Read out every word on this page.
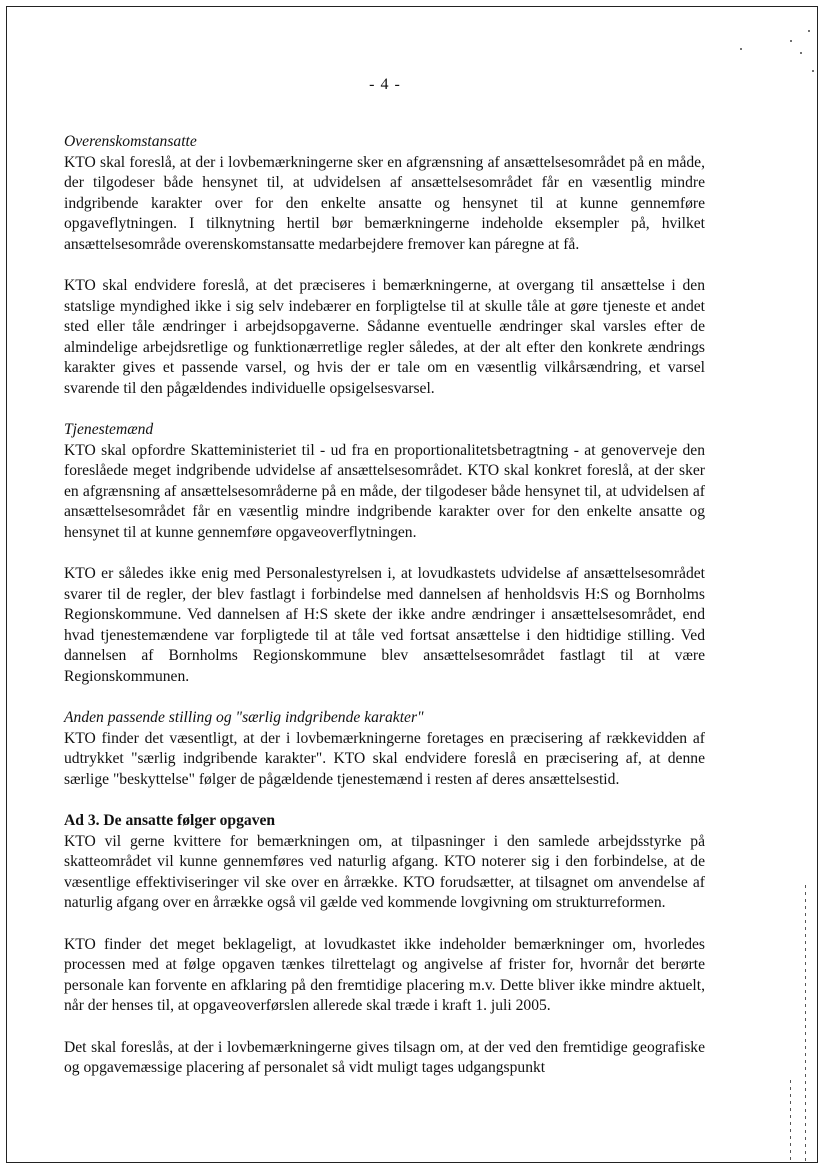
- 4 -
Overenskomstansatte
KTO skal foreslå, at der i lovbemærkningerne sker en afgrænsning af ansættelsesområdet på en måde, der tilgodeser både hensynet til, at udvidelsen af ansættelsesområdet får en væsentlig mindre indgribende karakter over for den enkelte ansatte og hensynet til at kunne gennemføre opgaveflytningen. I tilknytning hertil bør bemærkningerne indeholde eksempler på, hvilket ansættelsesområde overenskomstansatte medarbejdere fremover kan páregne at få.
KTO skal endvidere foreslå, at det præciseres i bemærkningerne, at overgang til ansættelse i den statslige myndighed ikke i sig selv indebærer en forpligtelse til at skulle tåle at gøre tjeneste et andet sted eller tåle ændringer i arbejdsopgaverne. Sådanne eventuelle ændringer skal varsles efter de almindelige arbejdsretlige og funktionærretlige regler således, at der alt efter den konkrete ændrings karakter gives et passende varsel, og hvis der er tale om en væsentlig vilkårsændring, et varsel svarende til den pågældendes individuelle opsigelsesvarsel.
Tjenestemænd
KTO skal opfordre Skatteministeriet til - ud fra en proportionalitetsbetragtning - at genoverveje den foreslåede meget indgribende udvidelse af ansættelsesområdet. KTO skal konkret foreslå, at der sker en afgrænsning af ansættelsesområderne på en måde, der tilgodeser både hensynet til, at udvidelsen af ansættelsesområdet får en væsentlig mindre indgribende karakter over for den enkelte ansatte og hensynet til at kunne gennemføre opgaveoverflytningen.
KTO er således ikke enig med Personalestyrelsen i, at lovudkastets udvidelse af ansættelsesområdet svarer til de regler, der blev fastlagt i forbindelse med dannelsen af henholdsvis H:S og Bornholms Regionskommune. Ved dannelsen af H:S skete der ikke andre ændringer i ansættelsesområdet, end hvad tjenestemændene var forpligtede til at tåle ved fortsat ansættelse i den hidtidige stilling. Ved dannelsen af Bornholms Regionskommune blev ansættelsesområdet fastlagt til at være Regionskommunen.
Anden passende stilling og "særlig indgribende karakter"
KTO finder det væsentligt, at der i lovbemærkningerne foretages en præcisering af rækkevidden af udtrykket "særlig indgribende karakter". KTO skal endvidere foreslå en præcisering af, at denne særlige "beskyttelse" følger de pågældende tjenestemænd i resten af deres ansættelsestid.
Ad 3. De ansatte følger opgaven
KTO vil gerne kvittere for bemærkningen om, at tilpasninger i den samlede arbejdsstyrke på skatteområdet vil kunne gennemføres ved naturlig afgang. KTO noterer sig i den forbindelse, at de væsentlige effektiviseringer vil ske over en årrække. KTO forudsætter, at tilsagnet om anvendelse af naturlig afgang over en årrække også vil gælde ved kommende lovgivning om strukturreformen.
KTO finder det meget beklageligt, at lovudkastet ikke indeholder bemærkninger om, hvorledes processen med at følge opgaven tænkes tilrettelagt og angivelse af frister for, hvornår det berørte personale kan forvente en afklaring på den fremtidige placering m.v. Dette bliver ikke mindre aktuelt, når der henses til, at opgaveoverførslen allerede skal træde i kraft 1. juli 2005.
Det skal foreslås, at der i lovbemærkningerne gives tilsagn om, at der ved den fremtidige geografiske og opgavemæssige placering af personalet så vidt muligt tages udgangspunkt
